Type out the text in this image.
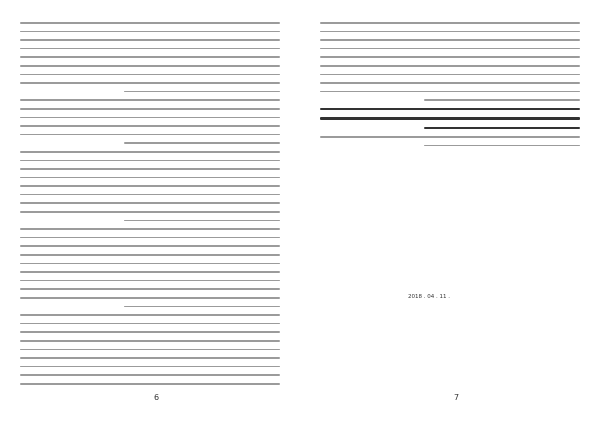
6

2018 . 04 . 11 .
7
